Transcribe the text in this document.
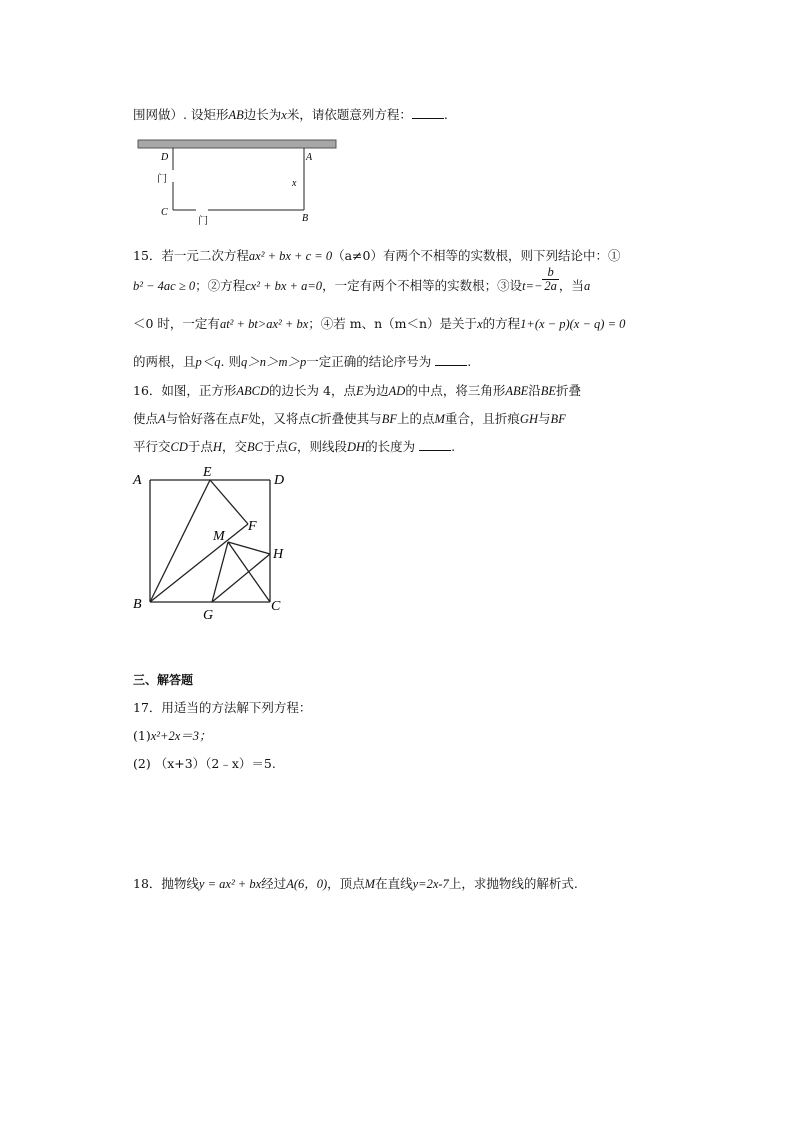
围网做）. 设矩形AB边长为x米，请依题意列方程：	.
D	A
C
B
x
门
门
15．若一元二次方程ax² + bx + c = 0（a≠0）有两个不相等的实数根，则下列结论中：①
b² − 4ac ≥ 0；②方程cx² + bx + a=0，一定有两个不相等的实数根；③设$t=- \frac{b}{2a}$ ，当a
＜0 时，一定有at² + bt>ax² + bx；④若 m、n（m＜n）是关于x的方程1+(x − p)(x − q) = 0
的两根，且p＜q. 则q＞n＞m＞p一定正确的结论序号为	.
16．如图，正方形ABCD的边长为 4，点E为边AD的中点，将三角形ABE沿BE折叠
使点A与恰好落在点F处，又将点C折叠使其与BF上的点M重合，且折痕GH与BF
平行交CD于点H，交BC于点G，则线段DH的长度为	.
A
E
D
F
M
H
B
G
C
三、解答题
17．用适当的方法解下列方程：
(1)x²+2x＝3；
(2) （x+3）（2﹣x）＝5.
18．抛物线y = ax² + bx经过A(6，0)，顶点M在直线y=2x-7上，求抛物线的解析式.
